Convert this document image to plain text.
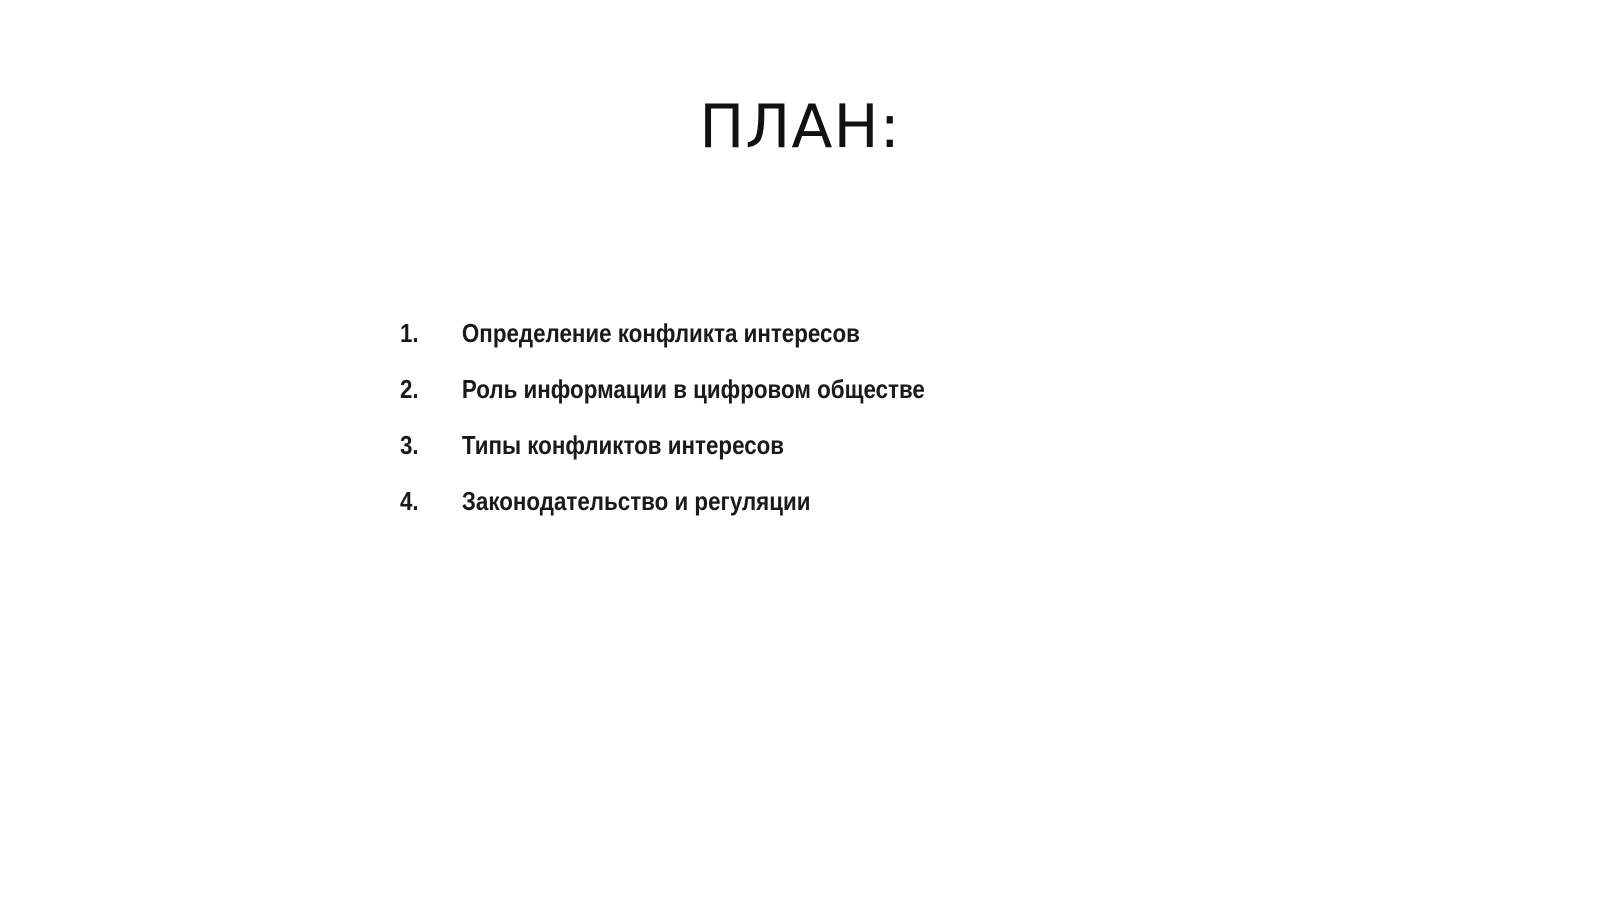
ПЛАН:
1.	Определение конфликта интересов
2.	Роль информации в цифровом обществе
3.	Типы конфликтов интересов
4.	Законодательство и регуляции
